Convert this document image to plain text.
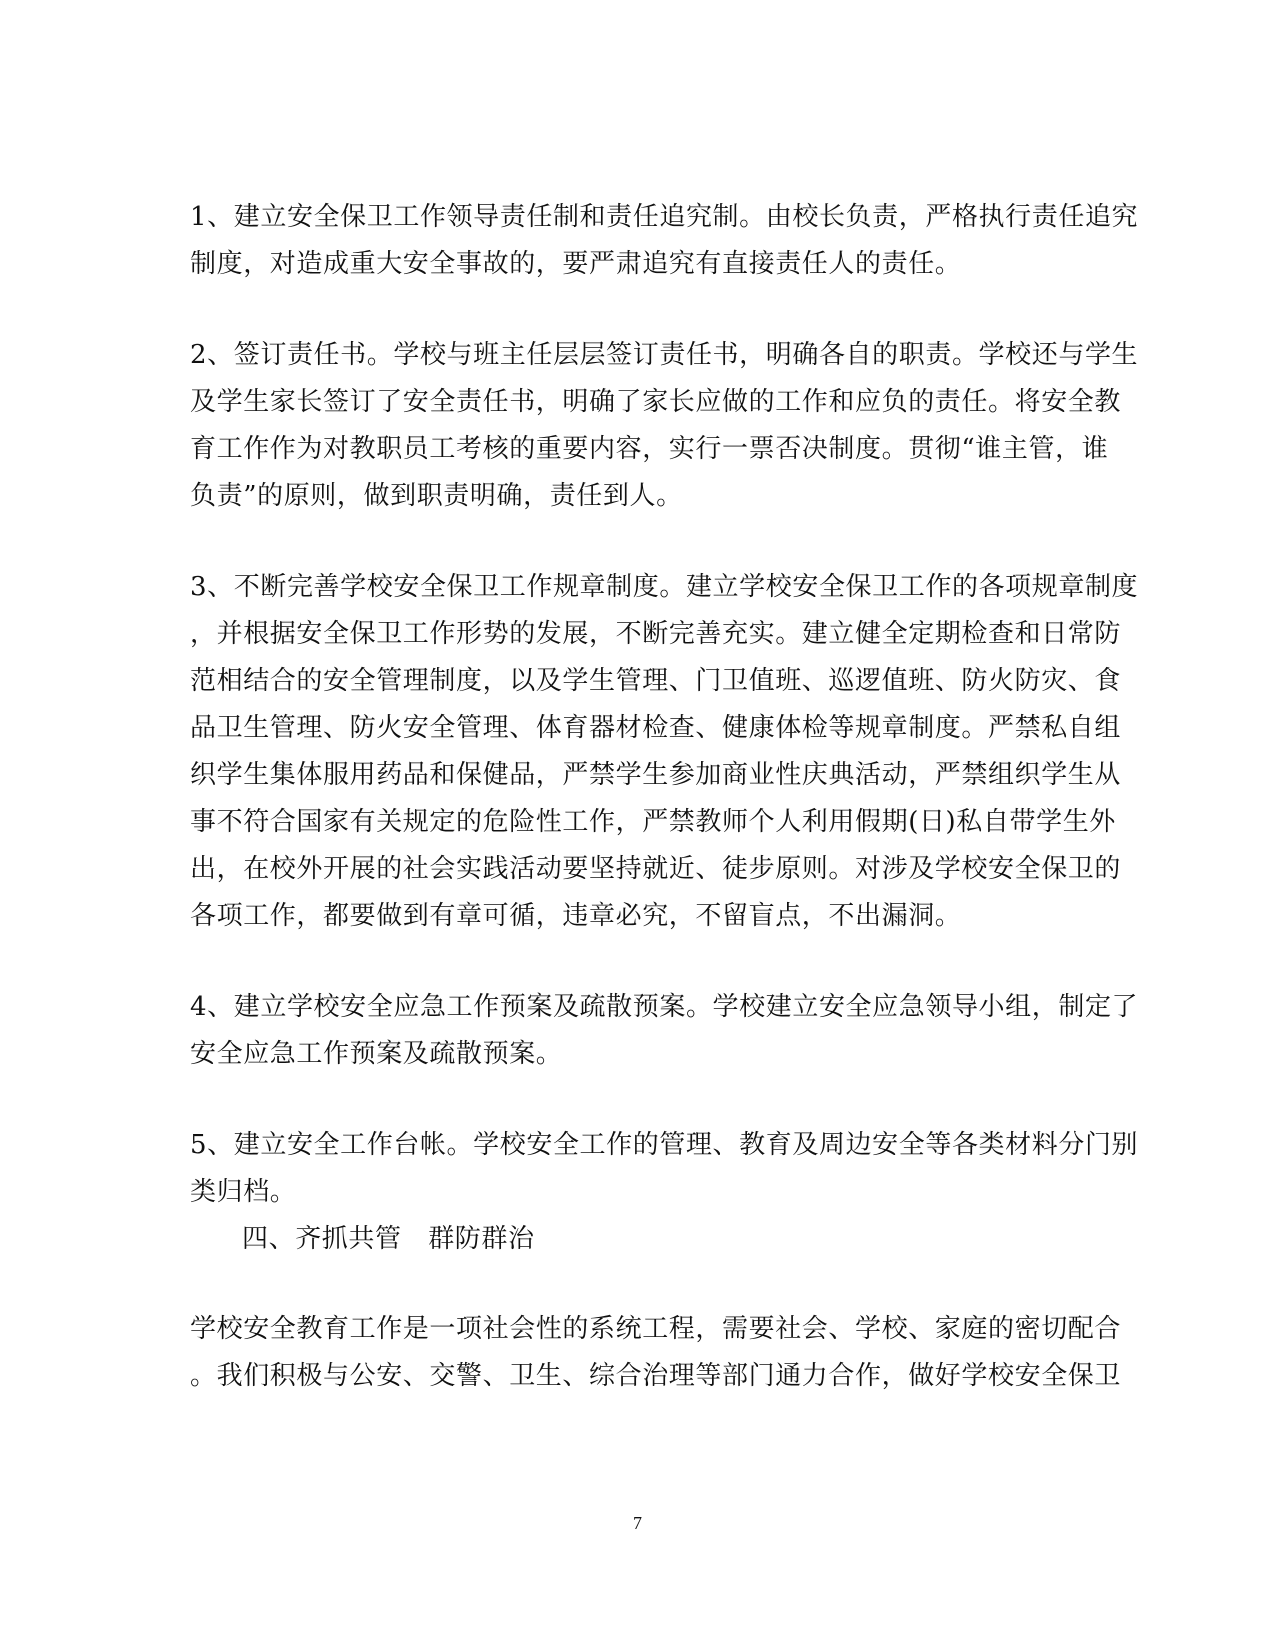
1、建立安全保卫工作领导责任制和责任追究制。由校长负责，严格执行责任追究
制度，对造成重大安全事故的，要严肃追究有直接责任人的责任。
2、签订责任书。学校与班主任层层签订责任书，明确各自的职责。学校还与学生
及学生家长签订了安全责任书，明确了家长应做的工作和应负的责任。将安全教
育工作作为对教职员工考核的重要内容，实行一票否决制度。贯彻“谁主管，谁
负责”的原则，做到职责明确，责任到人。
3、不断完善学校安全保卫工作规章制度。建立学校安全保卫工作的各项规章制度
，并根据安全保卫工作形势的发展，不断完善充实。建立健全定期检查和日常防
范相结合的安全管理制度，以及学生管理、门卫值班、巡逻值班、防火防灾、食
品卫生管理、防火安全管理、体育器材检查、健康体检等规章制度。严禁私自组
织学生集体服用药品和保健品，严禁学生参加商业性庆典活动，严禁组织学生从
事不符合国家有关规定的危险性工作，严禁教师个人利用假期(日)私自带学生外
出，在校外开展的社会实践活动要坚持就近、徒步原则。对涉及学校安全保卫的
各项工作，都要做到有章可循，违章必究，不留盲点，不出漏洞。
4、建立学校安全应急工作预案及疏散预案。学校建立安全应急领导小组，制定了
安全应急工作预案及疏散预案。
5、建立安全工作台帐。学校安全工作的管理、教育及周边安全等各类材料分门别
类归档。
四、齐抓共管　群防群治
学校安全教育工作是一项社会性的系统工程，需要社会、学校、家庭的密切配合
。我们积极与公安、交警、卫生、综合治理等部门通力合作，做好学校安全保卫
7
